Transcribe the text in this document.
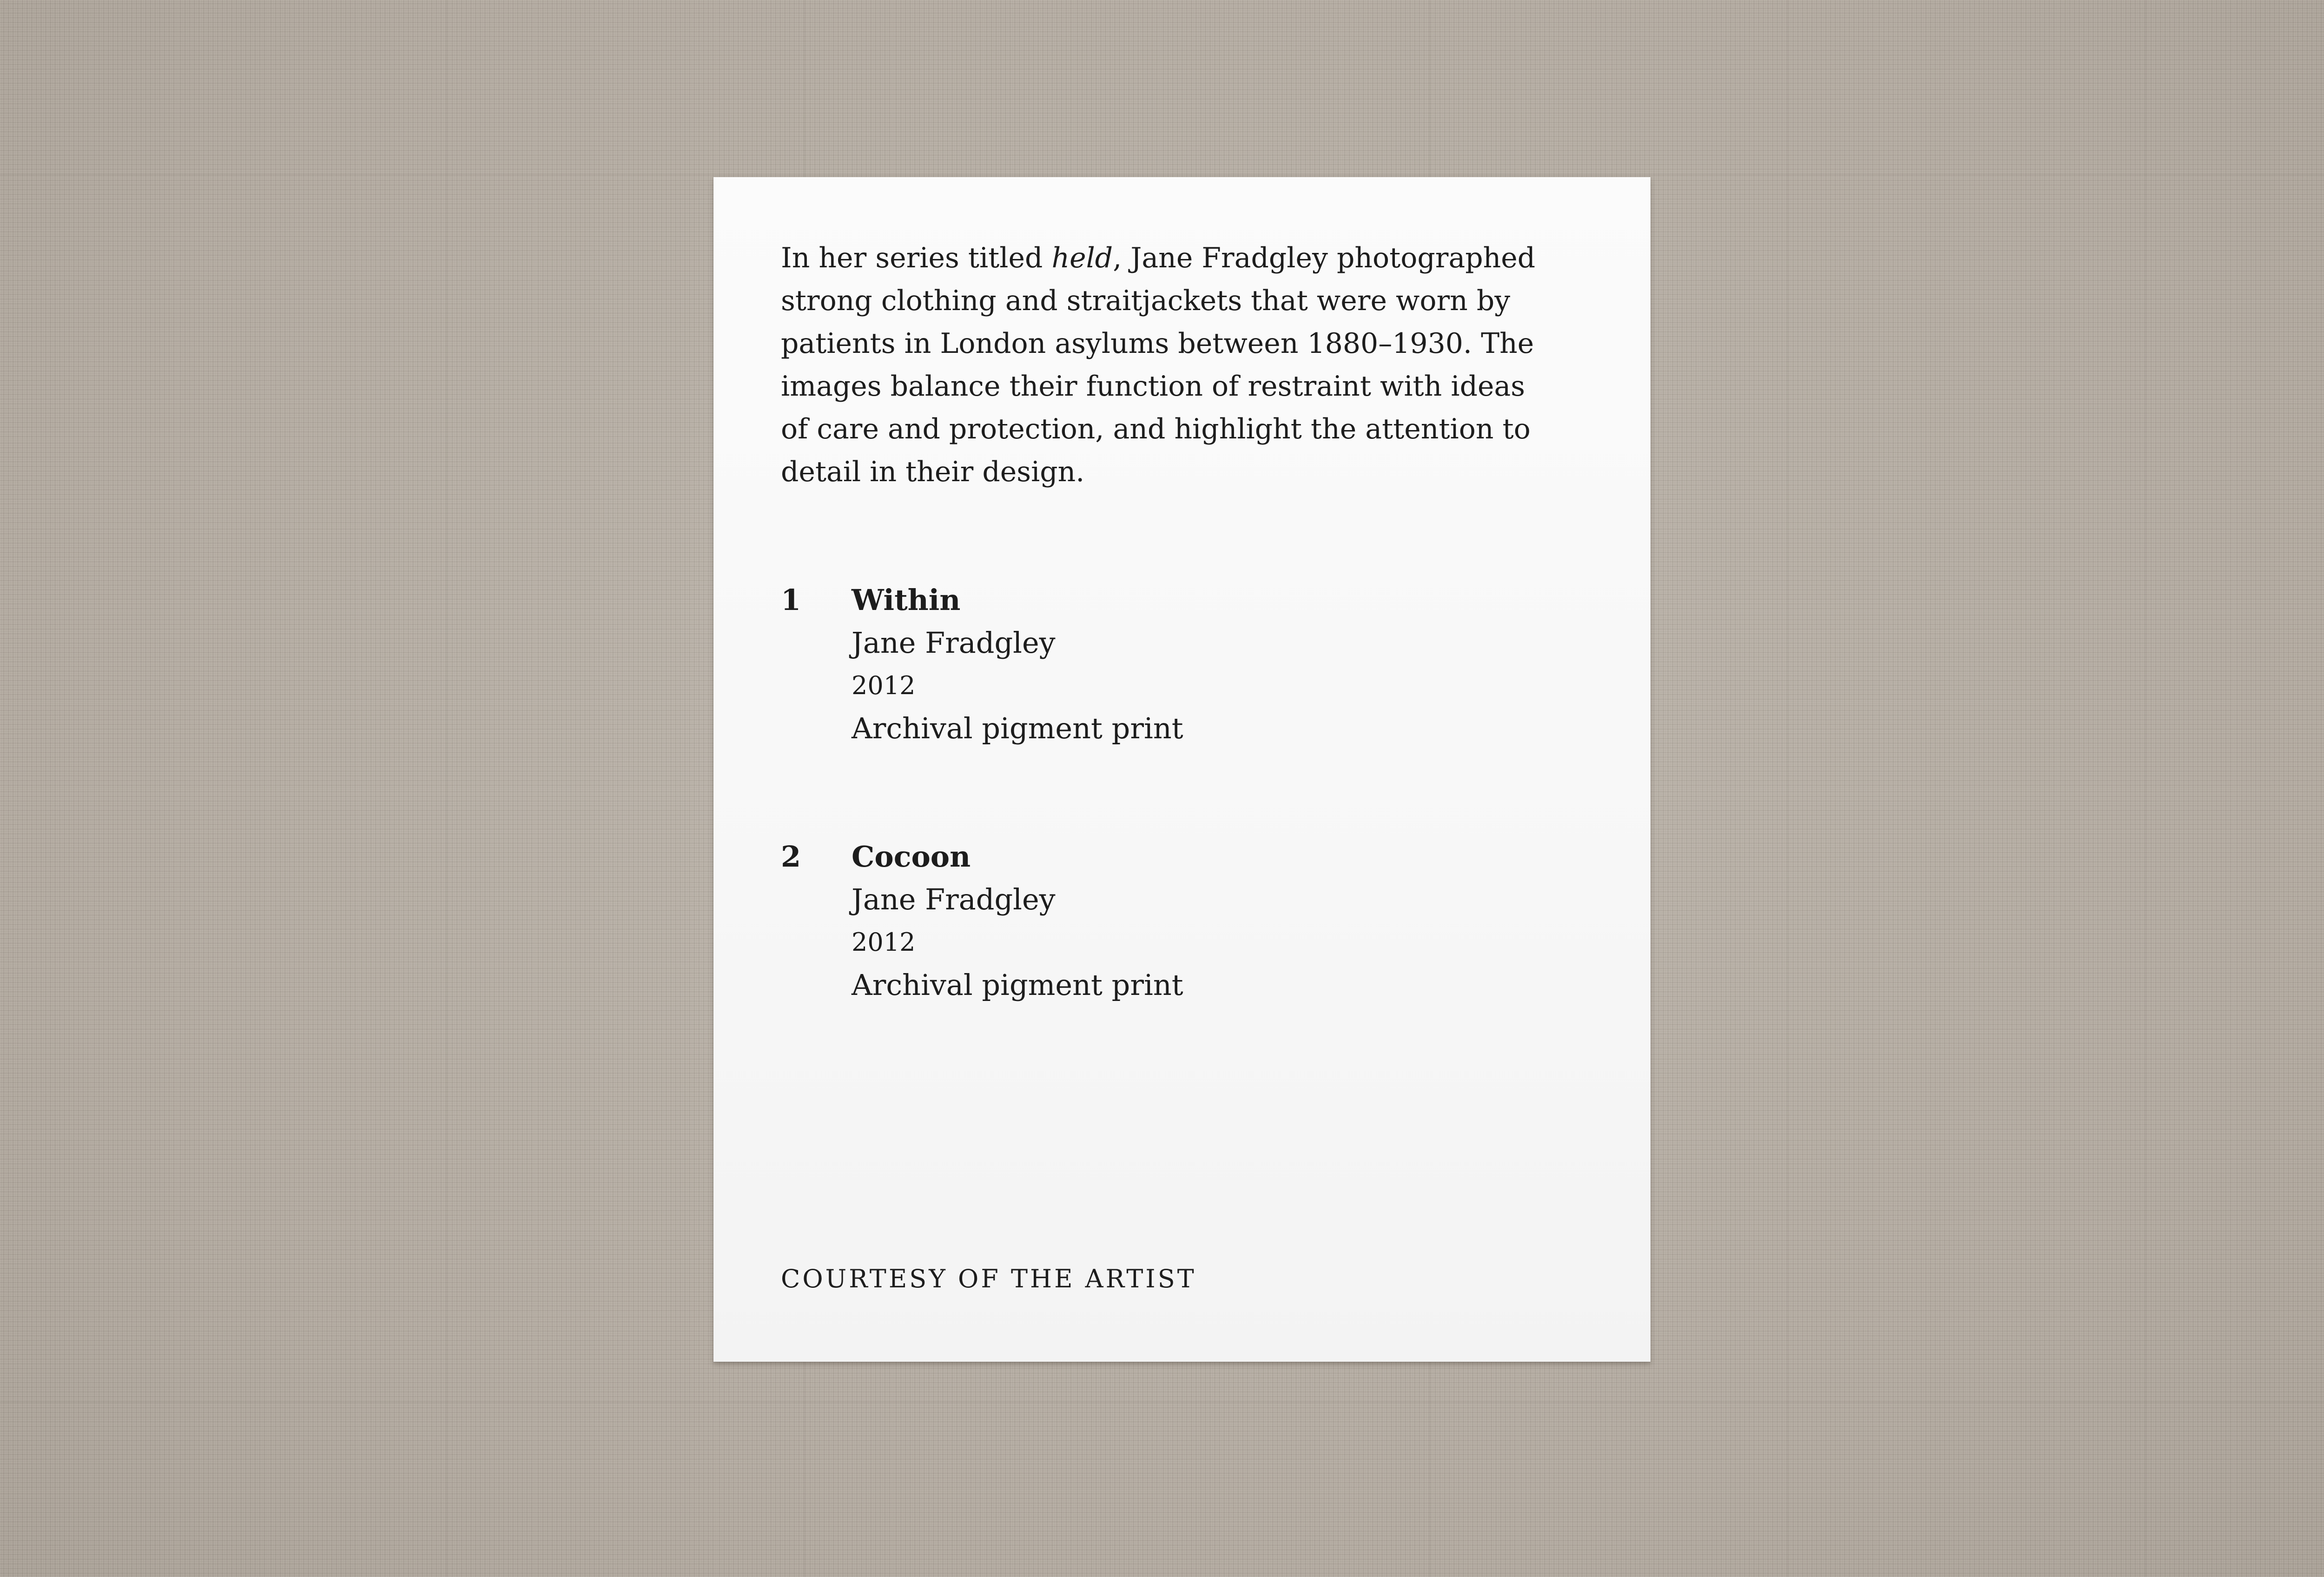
In her series titled held, Jane Fradgley photographed strong clothing and straitjackets that were worn by patients in London asylums between 1880–1930. The images balance their function of restraint with ideas of care and protection, and highlight the attention to detail in their design.

1 Within
Jane Fradgley
2012
Archival pigment print
2 Cocoon
Jane Fradgley
2012
Archival pigment print
COURTESY OF THE ARTIST
